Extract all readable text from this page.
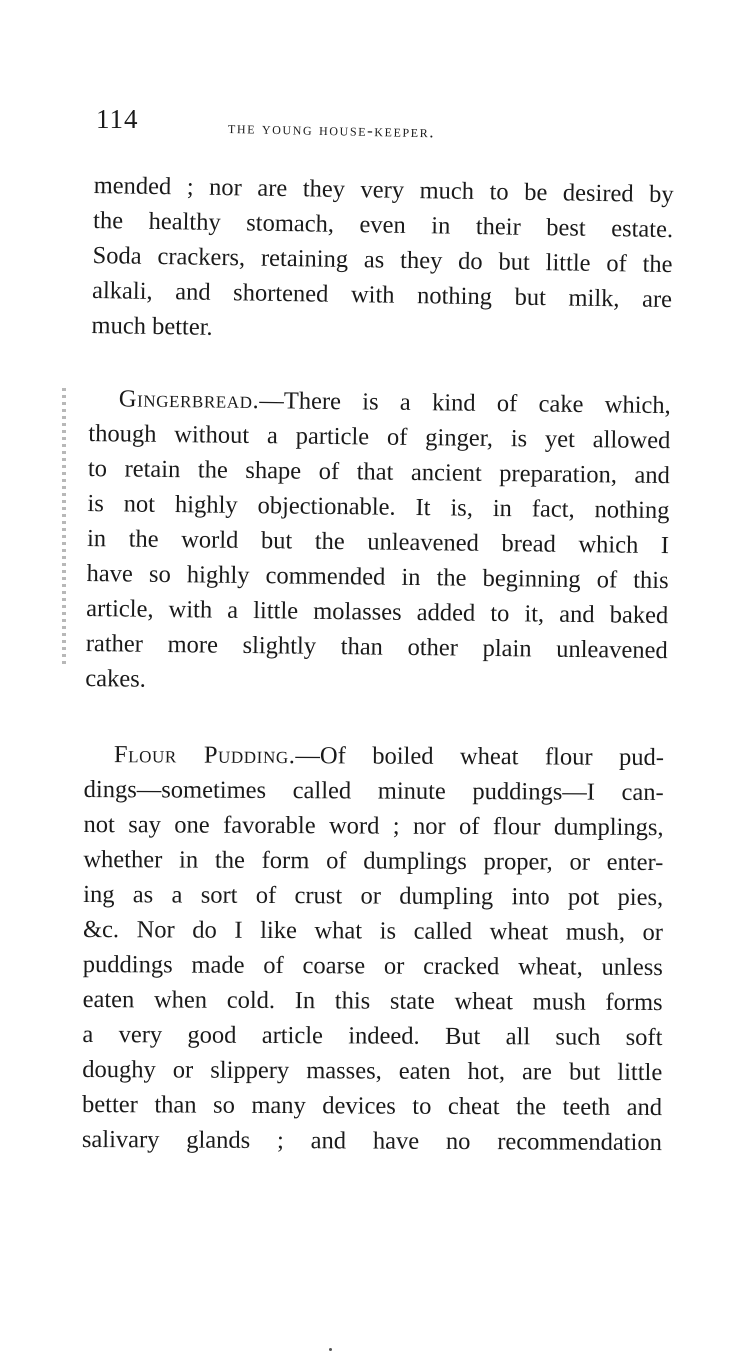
114	the young house-keeper.
mended ; nor are they very much to be desired by
the healthy stomach, even in their best estate.
Soda crackers, retaining as they do but little of the
alkali, and shortened with nothing but milk, are
much better.
Gingerbread.—There is a kind of cake which,
though without a particle of ginger, is yet allowed
to retain the shape of that ancient preparation, and
is not highly objectionable. It is, in fact, nothing
in the world but the unleavened bread which I
have so highly commended in the beginning of this
article, with a little molasses added to it, and baked
rather more slightly than other plain unleavened
cakes.
Flour Pudding.—Of boiled wheat flour pud-
dings—sometimes called minute puddings—I can-
not say one favorable word ; nor of flour dumplings,
whether in the form of dumplings proper, or enter-
ing as a sort of crust or dumpling into pot pies,
&c. Nor do I like what is called wheat mush, or
puddings made of coarse or cracked wheat, unless
eaten when cold. In this state wheat mush forms
a very good article indeed. But all such soft
doughy or slippery masses, eaten hot, are but little
better than so many devices to cheat the teeth and
salivary glands ; and have no recommendation
